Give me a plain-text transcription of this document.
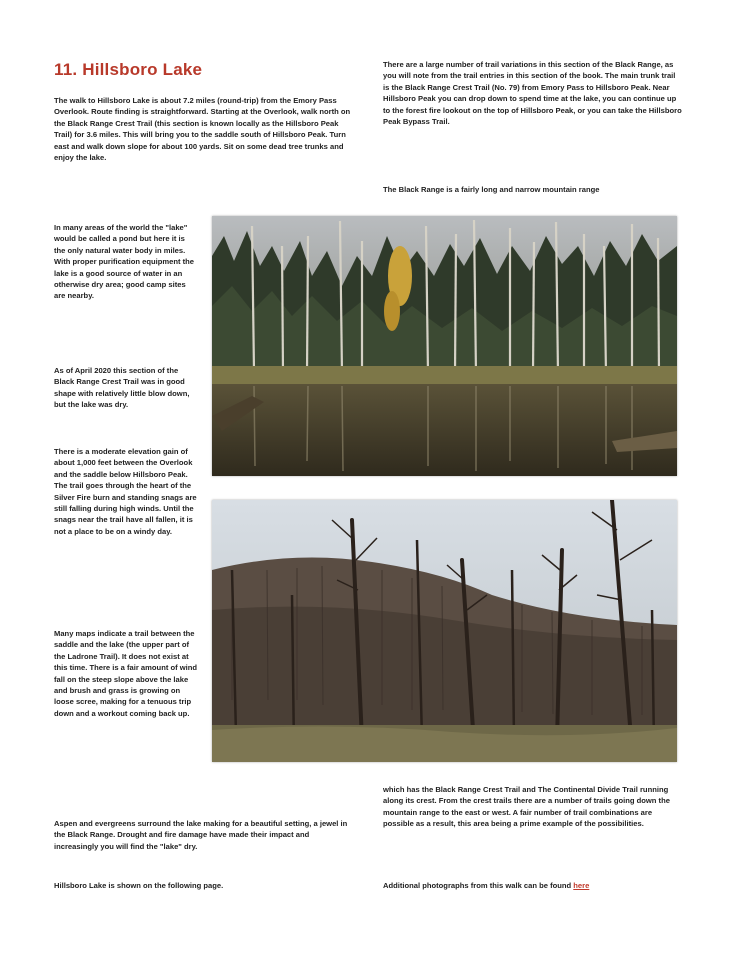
11. Hillsboro Lake

The walk to Hillsboro Lake is about 7.2 miles (round-trip) from the Emory Pass Overlook. Route finding is straightforward. Starting at the Overlook, walk north on the Black Range Crest Trail (this section is known locally as the Hillsboro Peak Trail) for 3.6 miles. This will bring you to the saddle south of Hillsboro Peak. Turn east and walk down slope for about 100 yards. Sit on some dead tree trunks and enjoy the lake.

There are a large number of trail variations in this section of the Black Range, as you will note from the trail entries in this section of the book. The main trunk trail is the Black Range Crest Trail (No. 79) from Emory Pass to Hillsboro Peak. Near Hillsboro Peak you can drop down to spend time at the lake, you can continue up to the forest fire lookout on the top of Hillsboro Peak, or you can take the Hillsboro Peak Bypass Trail.

The Black Range is a fairly long and narrow mountain range

In many areas of the world the "lake" would be called a pond but here it is the only natural water body in miles. With proper purification equipment the lake is a good source of water in an otherwise dry area; good camp sites are nearby.

As of April 2020 this section of the Black Range Crest Trail was in good shape with relatively little blow down, but the lake was dry.

There is a moderate elevation gain of about 1,000 feet between the Overlook and the saddle below Hillsboro Peak. The trail goes through the heart of the Silver Fire burn and standing snags are still falling during high winds. Until the snags near the trail have all fallen, it is not a place to be on a windy day.

Many maps indicate a trail between the saddle and the lake (the upper part of the Ladrone Trail). It does not exist at this time. There is a fair amount of wind fall on the steep slope above the lake and brush and grass is growing on loose scree, making for a tenuous trip down and a workout coming back up.

Aspen and evergreens surround the lake making for a beautiful setting, a jewel in the Black Range. Drought and fire damage have made their impact and increasingly you will find the "lake" dry.

Hillsboro Lake is shown on the following page.

which has the Black Range Crest Trail and The Continental Divide Trail running along its crest. From the crest trails there are a number of trails going down the mountain range to the east or west. A fair number of trail combinations are possible as a result, this area being a prime example of the possibilities.

Additional photographs from this walk can be found here
